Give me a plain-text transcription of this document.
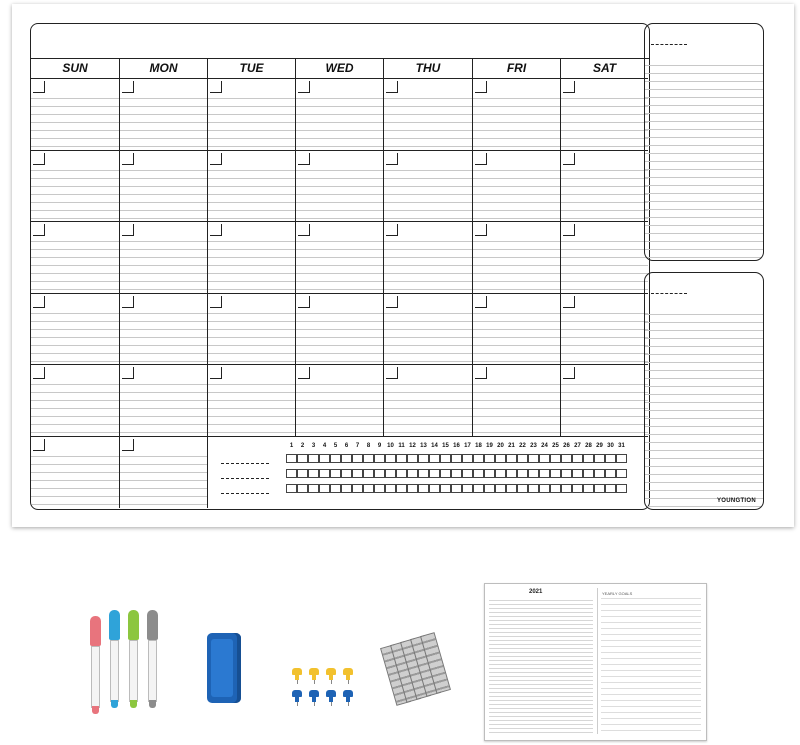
SUN	MON	TUE	WED	THU	FRI	SAT
1	2	3	4	5	6	7	8	9 10 11 12 13 14 15 16 17 18 19 20 21 22 23 24 25 26 27 28 29 30 31
YOUNGTION
2021	YEARLY GOALS
